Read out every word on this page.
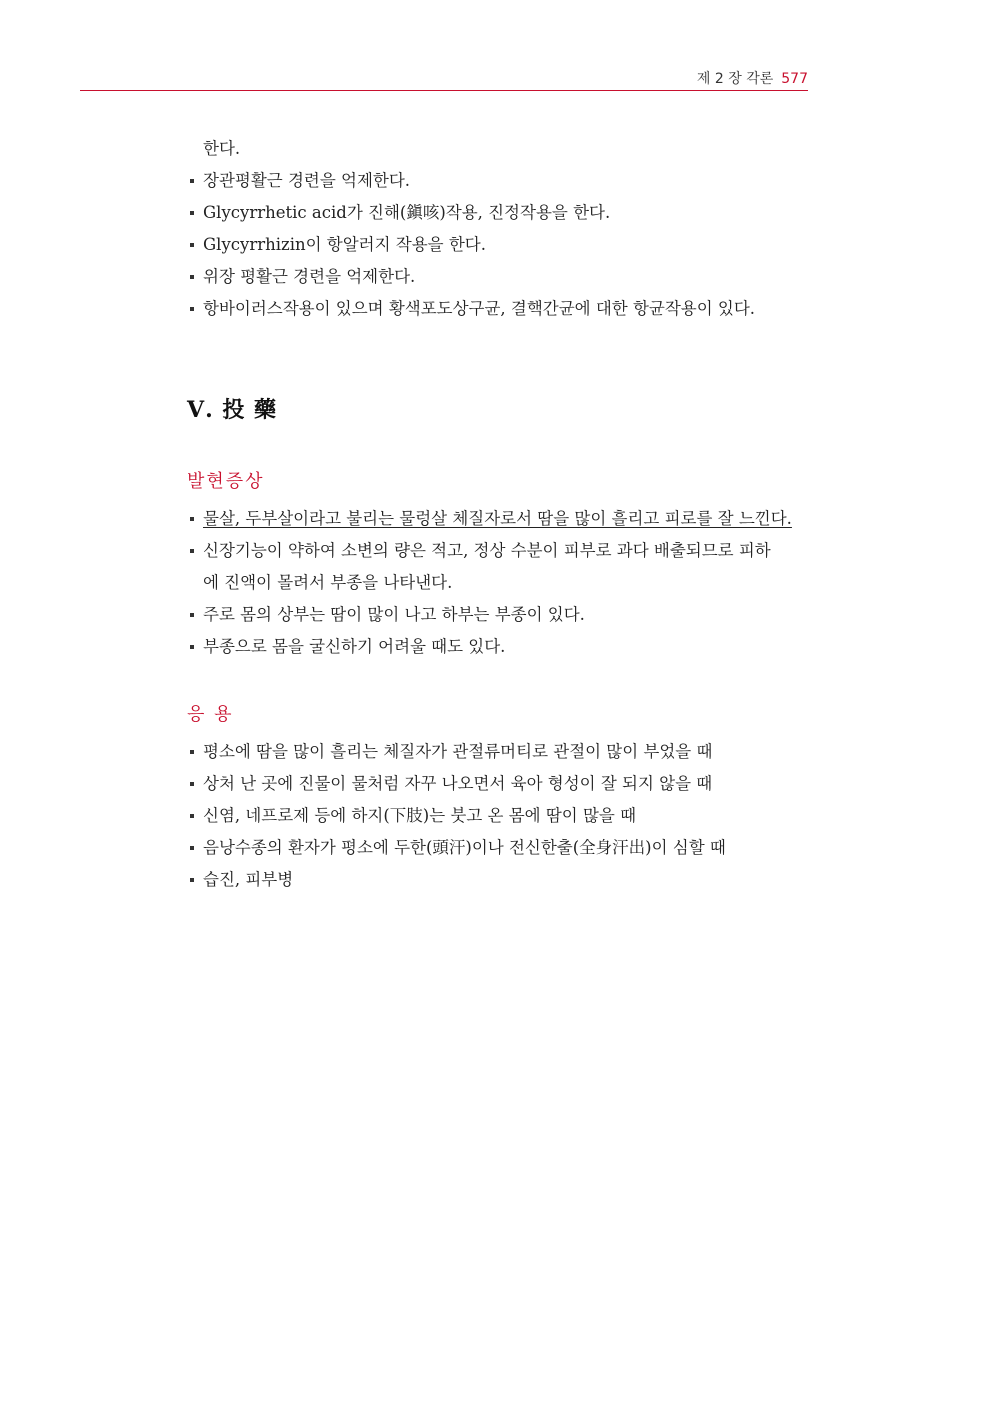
제 2 장 각론 577
한다.
장관평활근 경련을 억제한다.
Glycyrrhetic acid가 진해(鎭咳)작용, 진정작용을 한다.
Glycyrrhizin이 항알러지 작용을 한다.
위장 평활근 경련을 억제한다.
항바이러스작용이 있으며 황색포도상구균, 결핵간균에 대한 항균작용이 있다.
Ⅴ. 投 藥
발현증상
물살, 두부살이라고 불리는 물렁살 체질자로서 땀을 많이 흘리고 피로를 잘 느낀다.
신장기능이 약하여 소변의 량은 적고, 정상 수분이 피부로 과다 배출되므로 피하
에 진액이 몰려서 부종을 나타낸다.
주로 몸의 상부는 땀이 많이 나고 하부는 부종이 있다.
부종으로 몸을 굴신하기 어려울 때도 있다.
응 용
평소에 땀을 많이 흘리는 체질자가 관절류머티로 관절이 많이 부었을 때
상처 난 곳에 진물이 물처럼 자꾸 나오면서 육아 형성이 잘 되지 않을 때
신염, 네프로제 등에 하지(下肢)는 붓고 온 몸에 땀이 많을 때
음낭수종의 환자가 평소에 두한(頭汗)이나 전신한출(全身汗出)이 심할 때
습진, 피부병
